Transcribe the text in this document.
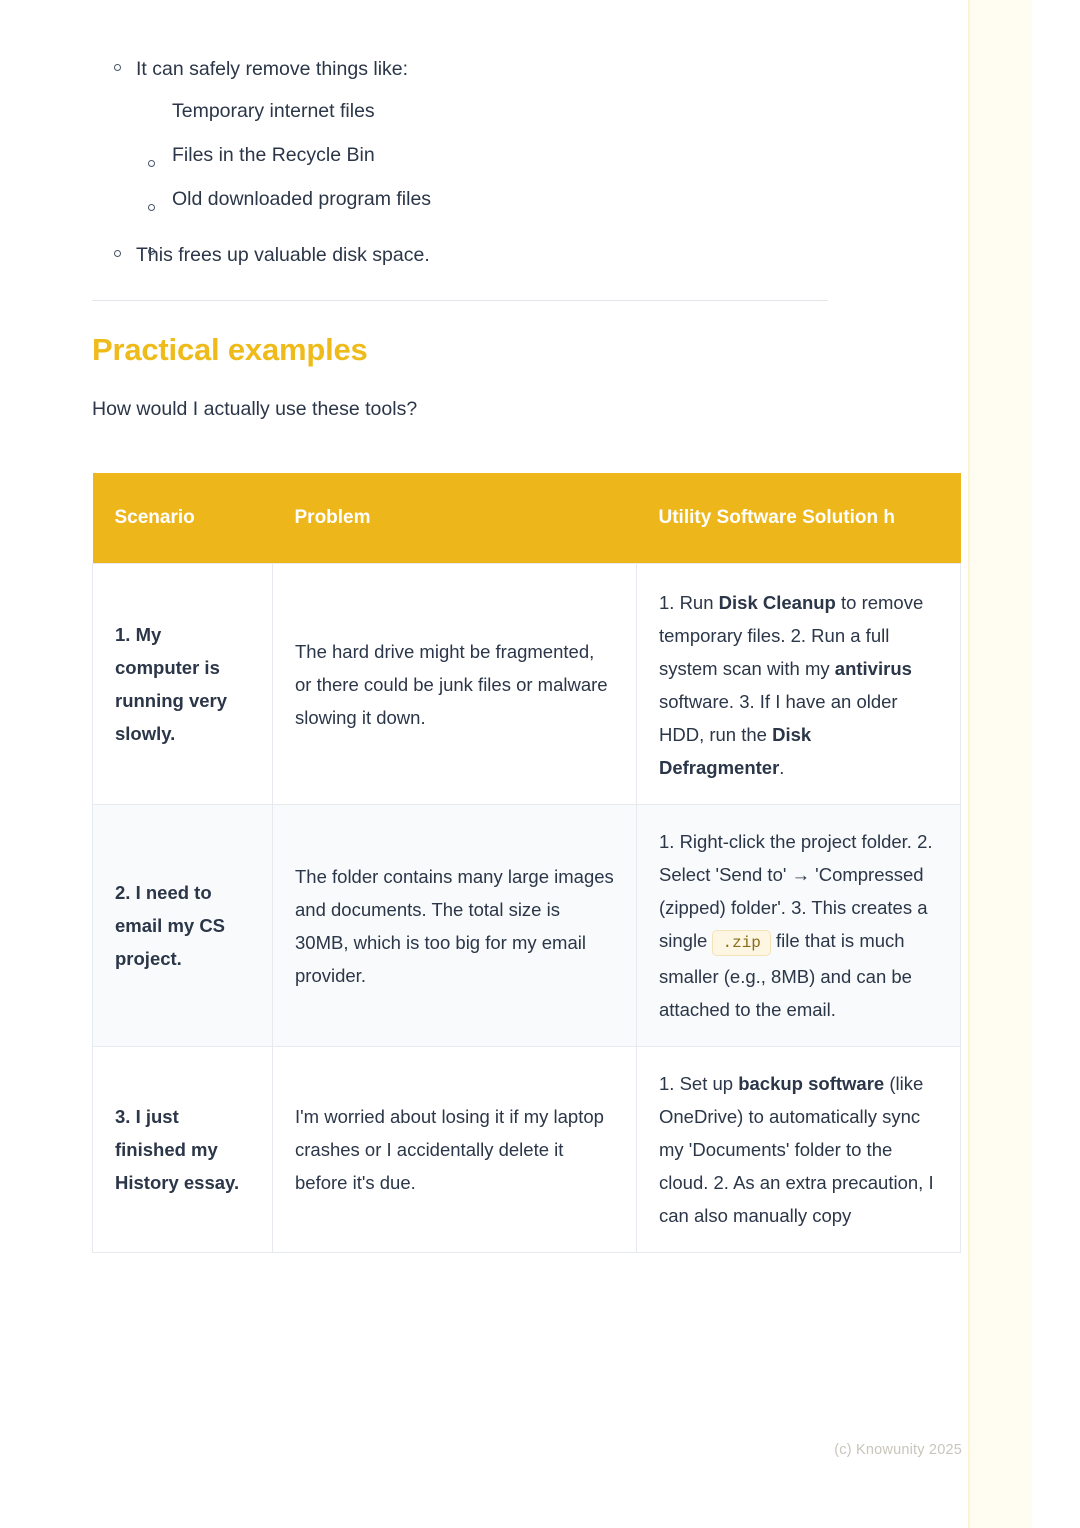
It can safely remove things like:
Temporary internet files
Files in the Recycle Bin
Old downloaded program files
This frees up valuable disk space.
Practical examples

How would I actually use these tools?

Scenario	Problem	Utility Software Solution h
1. My computer is running very slowly.	The hard drive might be fragmented, or there could be junk files or malware slowing it down.	1. Run Disk Cleanup to remove temporary files. 2. Run a full system scan with my antivirus software. 3. If I have an older HDD, run the Disk Defragmenter.
2. I need to email my CS project.	The folder contains many large images and documents. The total size is 30MB, which is too big for my email provider.	1. Right-click the project folder. 2. Select 'Send to' → 'Compressed (zipped) folder'. 3. This creates a single .zip file that is much smaller (e.g., 8MB) and can be attached to the email.
3. I just finished my History essay.	I'm worried about losing it if my laptop crashes or I accidentally delete it before it's due.	1. Set up backup software (like OneDrive) to automatically sync my 'Documents' folder to the cloud. 2. As an extra precaution, I can also manually copy
(c) Knowunity 2025
